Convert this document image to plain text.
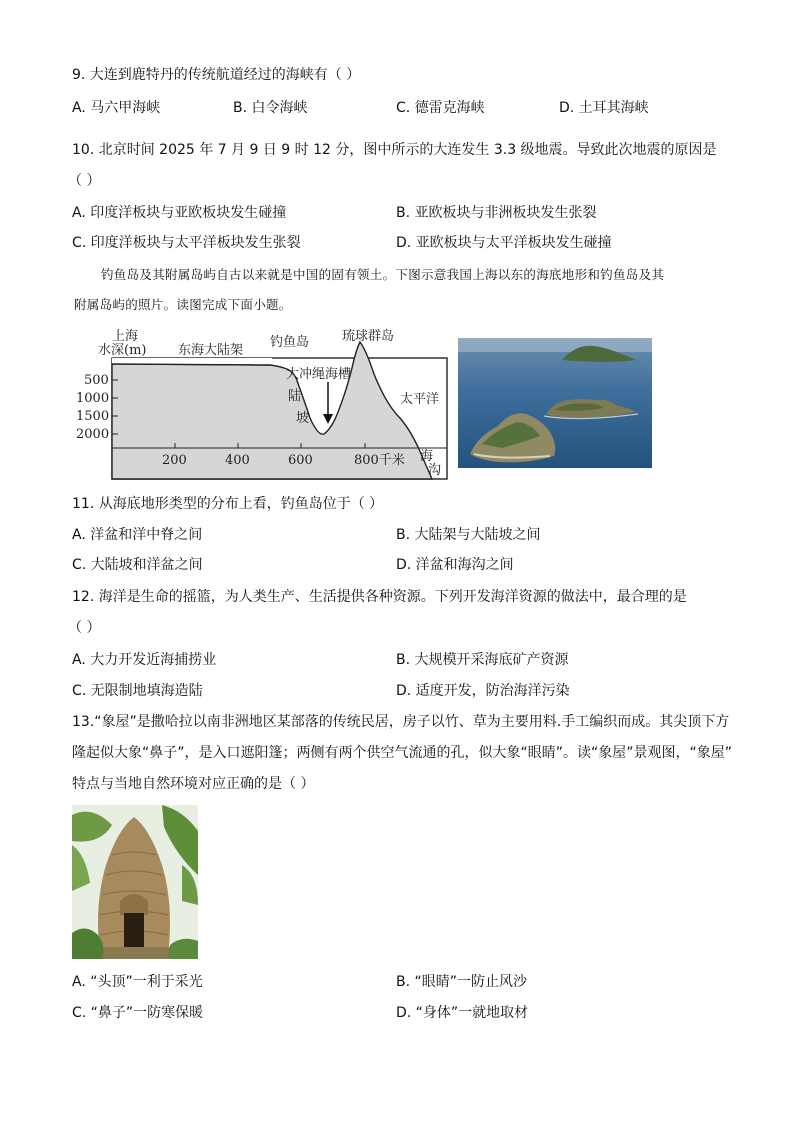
9. 大连到鹿特丹的传统航道经过的海峡有（ ）
A. 马六甲海峡	B. 白令海峡	C. 德雷克海峡	D. 土耳其海峡
10. 北京时间 2025 年 7 月 9 日 9 时 12 分，图中所示的大连发生 3.3 级地震。导致此次地震的原因是
（ ）
A. 印度洋板块与亚欧板块发生碰撞	B. 亚欧板块与非洲板块发生张裂
C. 印度洋板块与太平洋板块发生张裂	D. 亚欧板块与太平洋板块发生碰撞
钓鱼岛及其附属岛屿自古以来就是中国的固有领土。下图示意我国上海以东的海底地形和钓鱼岛及其
附属岛屿的照片。读图完成下面小题。
上海
水深(m) 东海大陆架
钓鱼岛	琉球群岛
大冲绳海槽
陆
坡
太平洋
海
沟
500
1000
1500
2000
200	400	600	800千米
11. 从海底地形类型的分布上看，钓鱼岛位于（ ）
A. 洋盆和洋中脊之间	B. 大陆架与大陆坡之间
C. 大陆坡和洋盆之间	D. 洋盆和海沟之间
12. 海洋是生命的摇篮，为人类生产、生活提供各种资源。下列开发海洋资源的做法中，最合理的是
（ ）
A. 大力开发近海捕捞业	B. 大规模开采海底矿产资源
C. 无限制地填海造陆	D. 适度开发，防治海洋污染
13.“象屋”是撒哈拉以南非洲地区某部落的传统民居，房子以竹、草为主要用料.手工编织而成。其尖顶下方
隆起似大象“鼻子”，是入口遮阳篷；两侧有两个供空气流通的孔，似大象“眼睛”。读“象屋”景观图，“象屋”
特点与当地自然环境对应正确的是（ ）
A. “头顶”一利于采光	B. “眼睛”一防止风沙
C. “鼻子”一防寒保暖	D. “身体”一就地取材
